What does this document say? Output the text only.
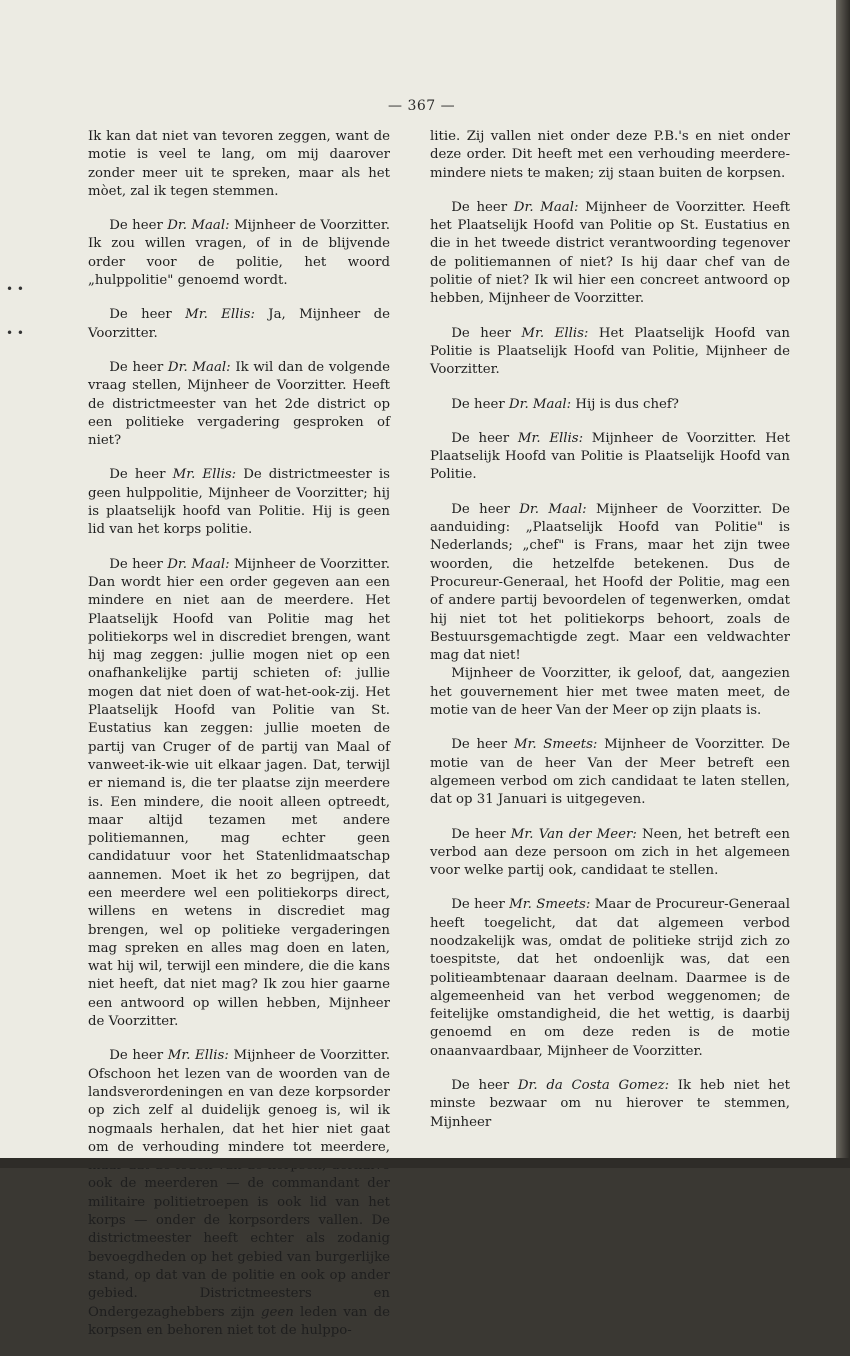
— 367 —
• •
• •

Ik kan dat niet van tevoren zeggen, want de motie is veel te lang, om mij daarover zonder meer uit te spreken, maar als het mòet, zal ik tegen stemmen.

De heer Dr. Maal: Mijnheer de Voorzitter. Ik zou willen vragen, of in de blijvende order voor de politie, het woord „hulppolitie" genoemd wordt.

De heer Mr. Ellis: Ja, Mijnheer de Voorzitter.

De heer Dr. Maal: Ik wil dan de volgende vraag stellen, Mijnheer de Voorzitter. Heeft de districtmeester van het 2de district op een politieke vergadering gesproken of niet?

De heer Mr. Ellis: De districtmeester is geen hulppolitie, Mijnheer de Voorzitter; hij is plaatselijk hoofd van Politie. Hij is geen lid van het korps politie.

De heer Dr. Maal: Mijnheer de Voorzitter. Dan wordt hier een order gegeven aan een mindere en niet aan de meerdere. Het Plaatselijk Hoofd van Politie mag het politiekorps wel in discrediet brengen, want hij mag zeggen: jullie mogen niet op een onafhankelijke partij schieten of: jullie mogen dat niet doen of wat-het-ook-zij. Het Plaatselijk Hoofd van Politie van St. Eustatius kan zeggen: jullie moeten de partij van Cruger of de partij van Maal of vanweet-ik-wie uit elkaar jagen. Dat, terwijl er niemand is, die ter plaatse zijn meerdere is. Een mindere, die nooit alleen optreedt, maar altijd tezamen met andere politiemannen, mag echter geen candidatuur voor het Statenlidmaatschap aannemen. Moet ik het zo begrijpen, dat een meerdere wel een politiekorps direct, willens en wetens in discrediet mag brengen, wel op politieke vergaderingen mag spreken en alles mag doen en laten, wat hij wil, terwijl een mindere, die die kans niet heeft, dat niet mag? Ik zou hier gaarne een antwoord op willen hebben, Mijnheer de Voorzitter.

De heer Mr. Ellis: Mijnheer de Voorzitter. Ofschoon het lezen van de woorden van de landsverordeningen en van deze korpsorder op zich zelf al duidelijk genoeg is, wil ik nogmaals herhalen, dat het hier niet gaat om de verhouding mindere tot meerdere, ook de meerderen — de commandant der militaire politietroepen is ook lid van het korps — onder de korpsorders vallen. De districtmeester heeft echter als zodanig bevoegdheden op het gebied van burgerlijke stand, op dat van de politie en ook op ander gebied. Districtmeesters en Ondergezaghebbers zijn geen leden van de korpsen en behoren niet tot de hulppo-

litie. Zij vallen niet onder deze P.B.'s en niet onder deze order. Dit heeft met een verhouding meerdere-mindere niets te maken; zij staan buiten de korpsen.

De heer Dr. Maal: Mijnheer de Voorzitter. Heeft het Plaatselijk Hoofd van Politie op St. Eustatius en die in het tweede district verantwoording tegenover de politiemannen of niet? Is hij daar chef van de politie of niet? Ik wil hier een concreet antwoord op hebben, Mijnheer de Voorzitter.

De heer Mr. Ellis: Het Plaatselijk Hoofd van Politie is Plaatselijk Hoofd van Politie, Mijnheer de Voorzitter.

De heer Dr. Maal: Hij is dus chef?

De heer Mr. Ellis: Mijnheer de Voorzitter. Het Plaatselijk Hoofd van Politie is Plaatselijk Hoofd van Politie.

De heer Dr. Maal: Mijnheer de Voorzitter. De aanduiding: „Plaatselijk Hoofd van Politie" is Nederlands; „chef" is Frans, maar het zijn twee woorden, die hetzelfde betekenen. Dus de Procureur-Generaal, het Hoofd der Politie, mag een of andere partij bevoordelen of tegenwerken, omdat hij niet tot het politiekorps behoort, zoals de Bestuursgemachtigde zegt. Maar een veldwachter mag dat niet!

Mijnheer de Voorzitter, ik geloof, dat, aangezien het gouvernement hier met twee maten meet, de motie van de heer Van der Meer op zijn plaats is.

De heer Mr. Smeets: Mijnheer de Voorzitter. De motie van de heer Van der Meer betreft een algemeen verbod om zich candidaat te laten stellen, dat op 31 Januari is uitgegeven.

De heer Mr. Van der Meer: Neen, het betreft een verbod aan deze persoon om zich in het algemeen voor welke partij ook, candidaat te stellen.

De heer Mr. Smeets: Maar de Procureur-Generaal heeft toegelicht, dat dat algemeen verbod noodzakelijk was, omdat de politieke strijd zich zo toespitste, dat het ondoenlijk was, dat een politieambtenaar daaraan deelnam. Daarmee is de algemeenheid van het verbod weggenomen; de feitelijke omstandigheid, die het wettig, is daarbij genoemd en om deze reden is de motie onaanvaardbaar, Mijnheer de Voorzitter.

De heer Dr. da Costa Gomez: Ik heb niet het minste bezwaar om nu hierover te stemmen, Mijnheer
